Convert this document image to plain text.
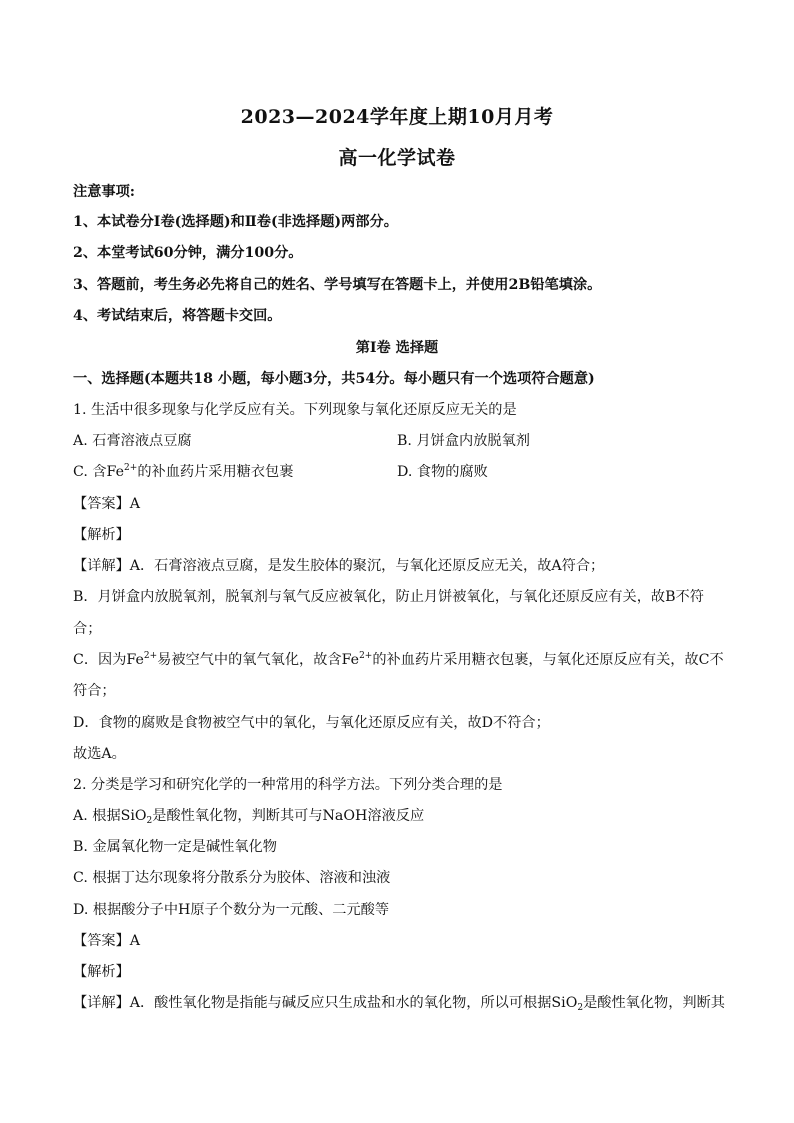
2023—2024学年度上期10月月考
高一化学试卷
注意事项:
1、本试卷分Ⅰ卷(选择题)和Ⅱ卷(非选择题)两部分。
2、本堂考试60分钟，满分100分。
3、答题前，考生务必先将自己的姓名、学号填写在答题卡上，并使用2B铅笔填涂。
4、考试结束后，将答题卡交回。
第Ⅰ卷 选择题
一、选择题(本题共18 小题，每小题3分，共54分。每小题只有一个选项符合题意)
1. 生活中很多现象与化学反应有关。下列现象与氧化还原反应无关的是
A. 石膏溶液点豆腐	B. 月饼盒内放脱氧剂
C. 含$Fe^{2+}$的补血药片采用糖衣包裹	D. 食物的腐败
【答案】A
【解析】
【详解】A．石膏溶液点豆腐，是发生胶体的聚沉，与氧化还原反应无关，故A符合；
B．月饼盒内放脱氧剂，脱氧剂与氧气反应被氧化，防止月饼被氧化，与氧化还原反应有关，故B不符
合；
C．因为$Fe^{2+}$易被空气中的氧气氧化，故含$Fe^{2+}$的补血药片采用糖衣包裹，与氧化还原反应有关，故C不
符合；
D．食物的腐败是食物被空气中的氧化，与氧化还原反应有关，故D不符合；
故选A。
2. 分类是学习和研究化学的一种常用的科学方法。下列分类合理的是
A. 根据SiO$_2$是酸性氧化物，判断其可与NaOH溶液反应
B. 金属氧化物一定是碱性氧化物
C. 根据丁达尔现象将分散系分为胶体、溶液和浊液
D. 根据酸分子中H原子个数分为一元酸、二元酸等
【答案】A
【解析】
【详解】A．酸性氧化物是指能与碱反应只生成盐和水的氧化物，所以可根据SiO$_2$是酸性氧化物，判断其
